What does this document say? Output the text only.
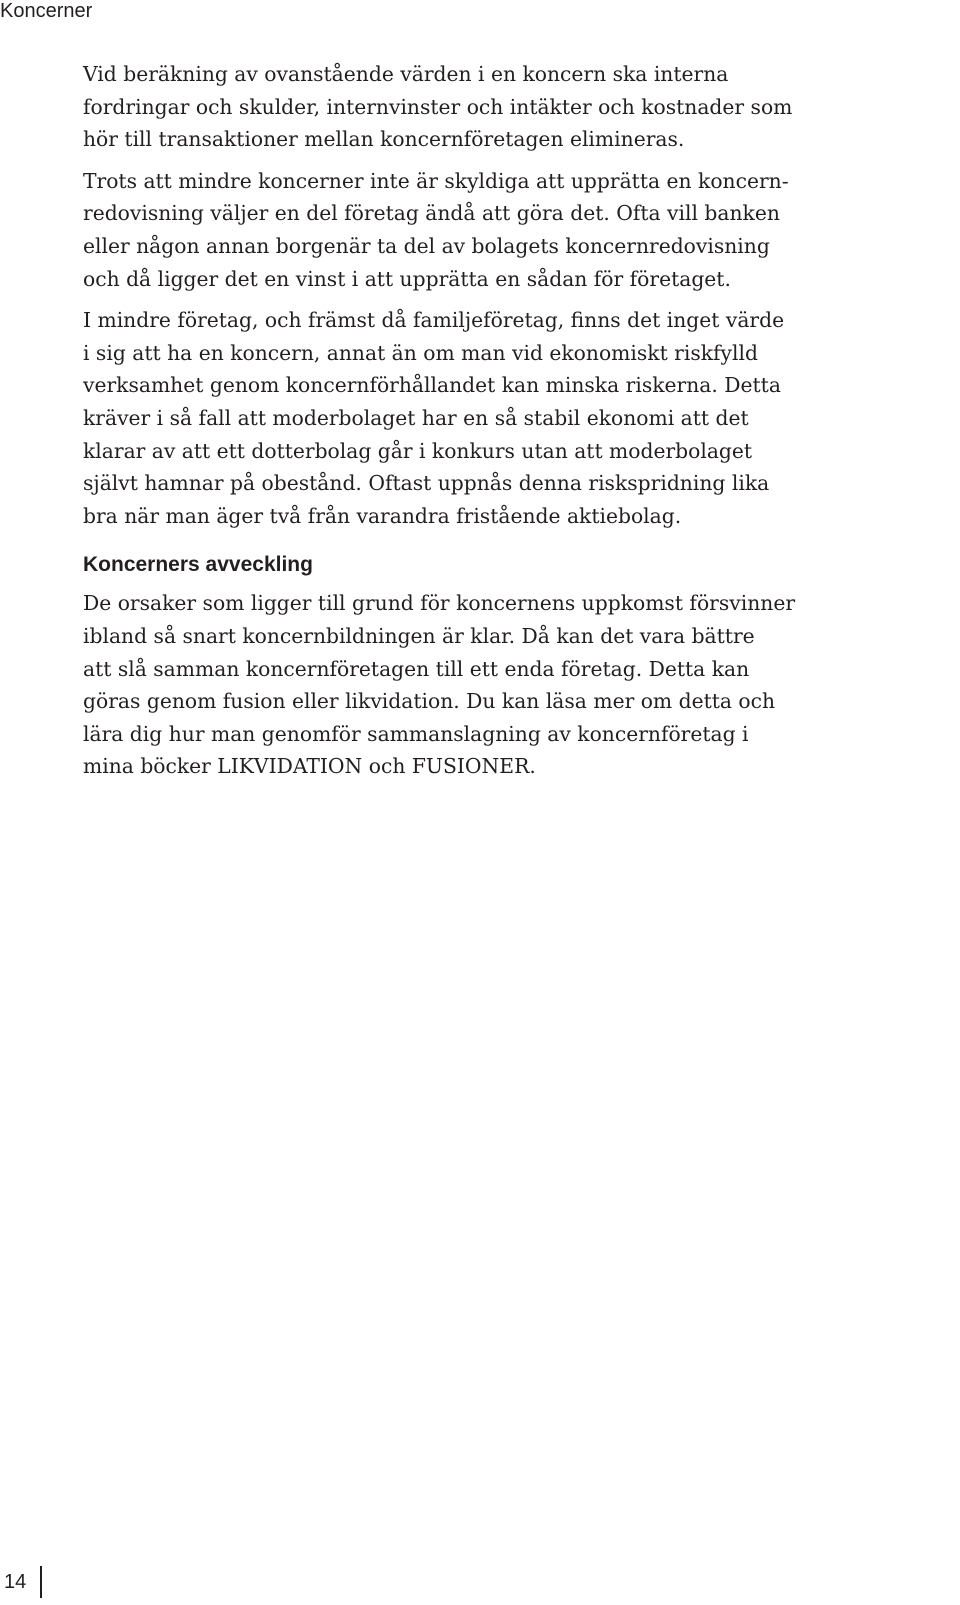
Koncerner
Vid beräkning av ovanstående värden i en koncern ska interna
fordringar och skulder, internvinster och intäkter och kostnader som
hör till transaktioner mellan koncernföretagen elimineras.
Trots att mindre koncerner inte är skyldiga att upprätta en koncern-
redovisning väljer en del företag ändå att göra det. Ofta vill banken
eller någon annan borgenär ta del av bolagets koncernredovisning
och då ligger det en vinst i att upprätta en sådan för företaget.
I mindre företag, och främst då familjeföretag, finns det inget värde
i sig att ha en koncern, annat än om man vid ekonomiskt riskfylld
verksamhet genom koncernförhållandet kan minska riskerna. Detta
kräver i så fall att moderbolaget har en så stabil ekonomi att det
klarar av att ett dotterbolag går i konkurs utan att moderbolaget
självt hamnar på obestånd. Oftast uppnås denna riskspridning lika
bra när man äger två från varandra fristående aktiebolag.
Koncerners avveckling
De orsaker som ligger till grund för koncernens uppkomst försvinner
ibland så snart koncernbildningen är klar. Då kan det vara bättre
att slå samman koncernföretagen till ett enda företag. Detta kan
göras genom fusion eller likvidation. Du kan läsa mer om detta och
lära dig hur man genomför sammanslagning av koncernföretag i
mina böcker LIKVIDATION och FUSIONER.
14
